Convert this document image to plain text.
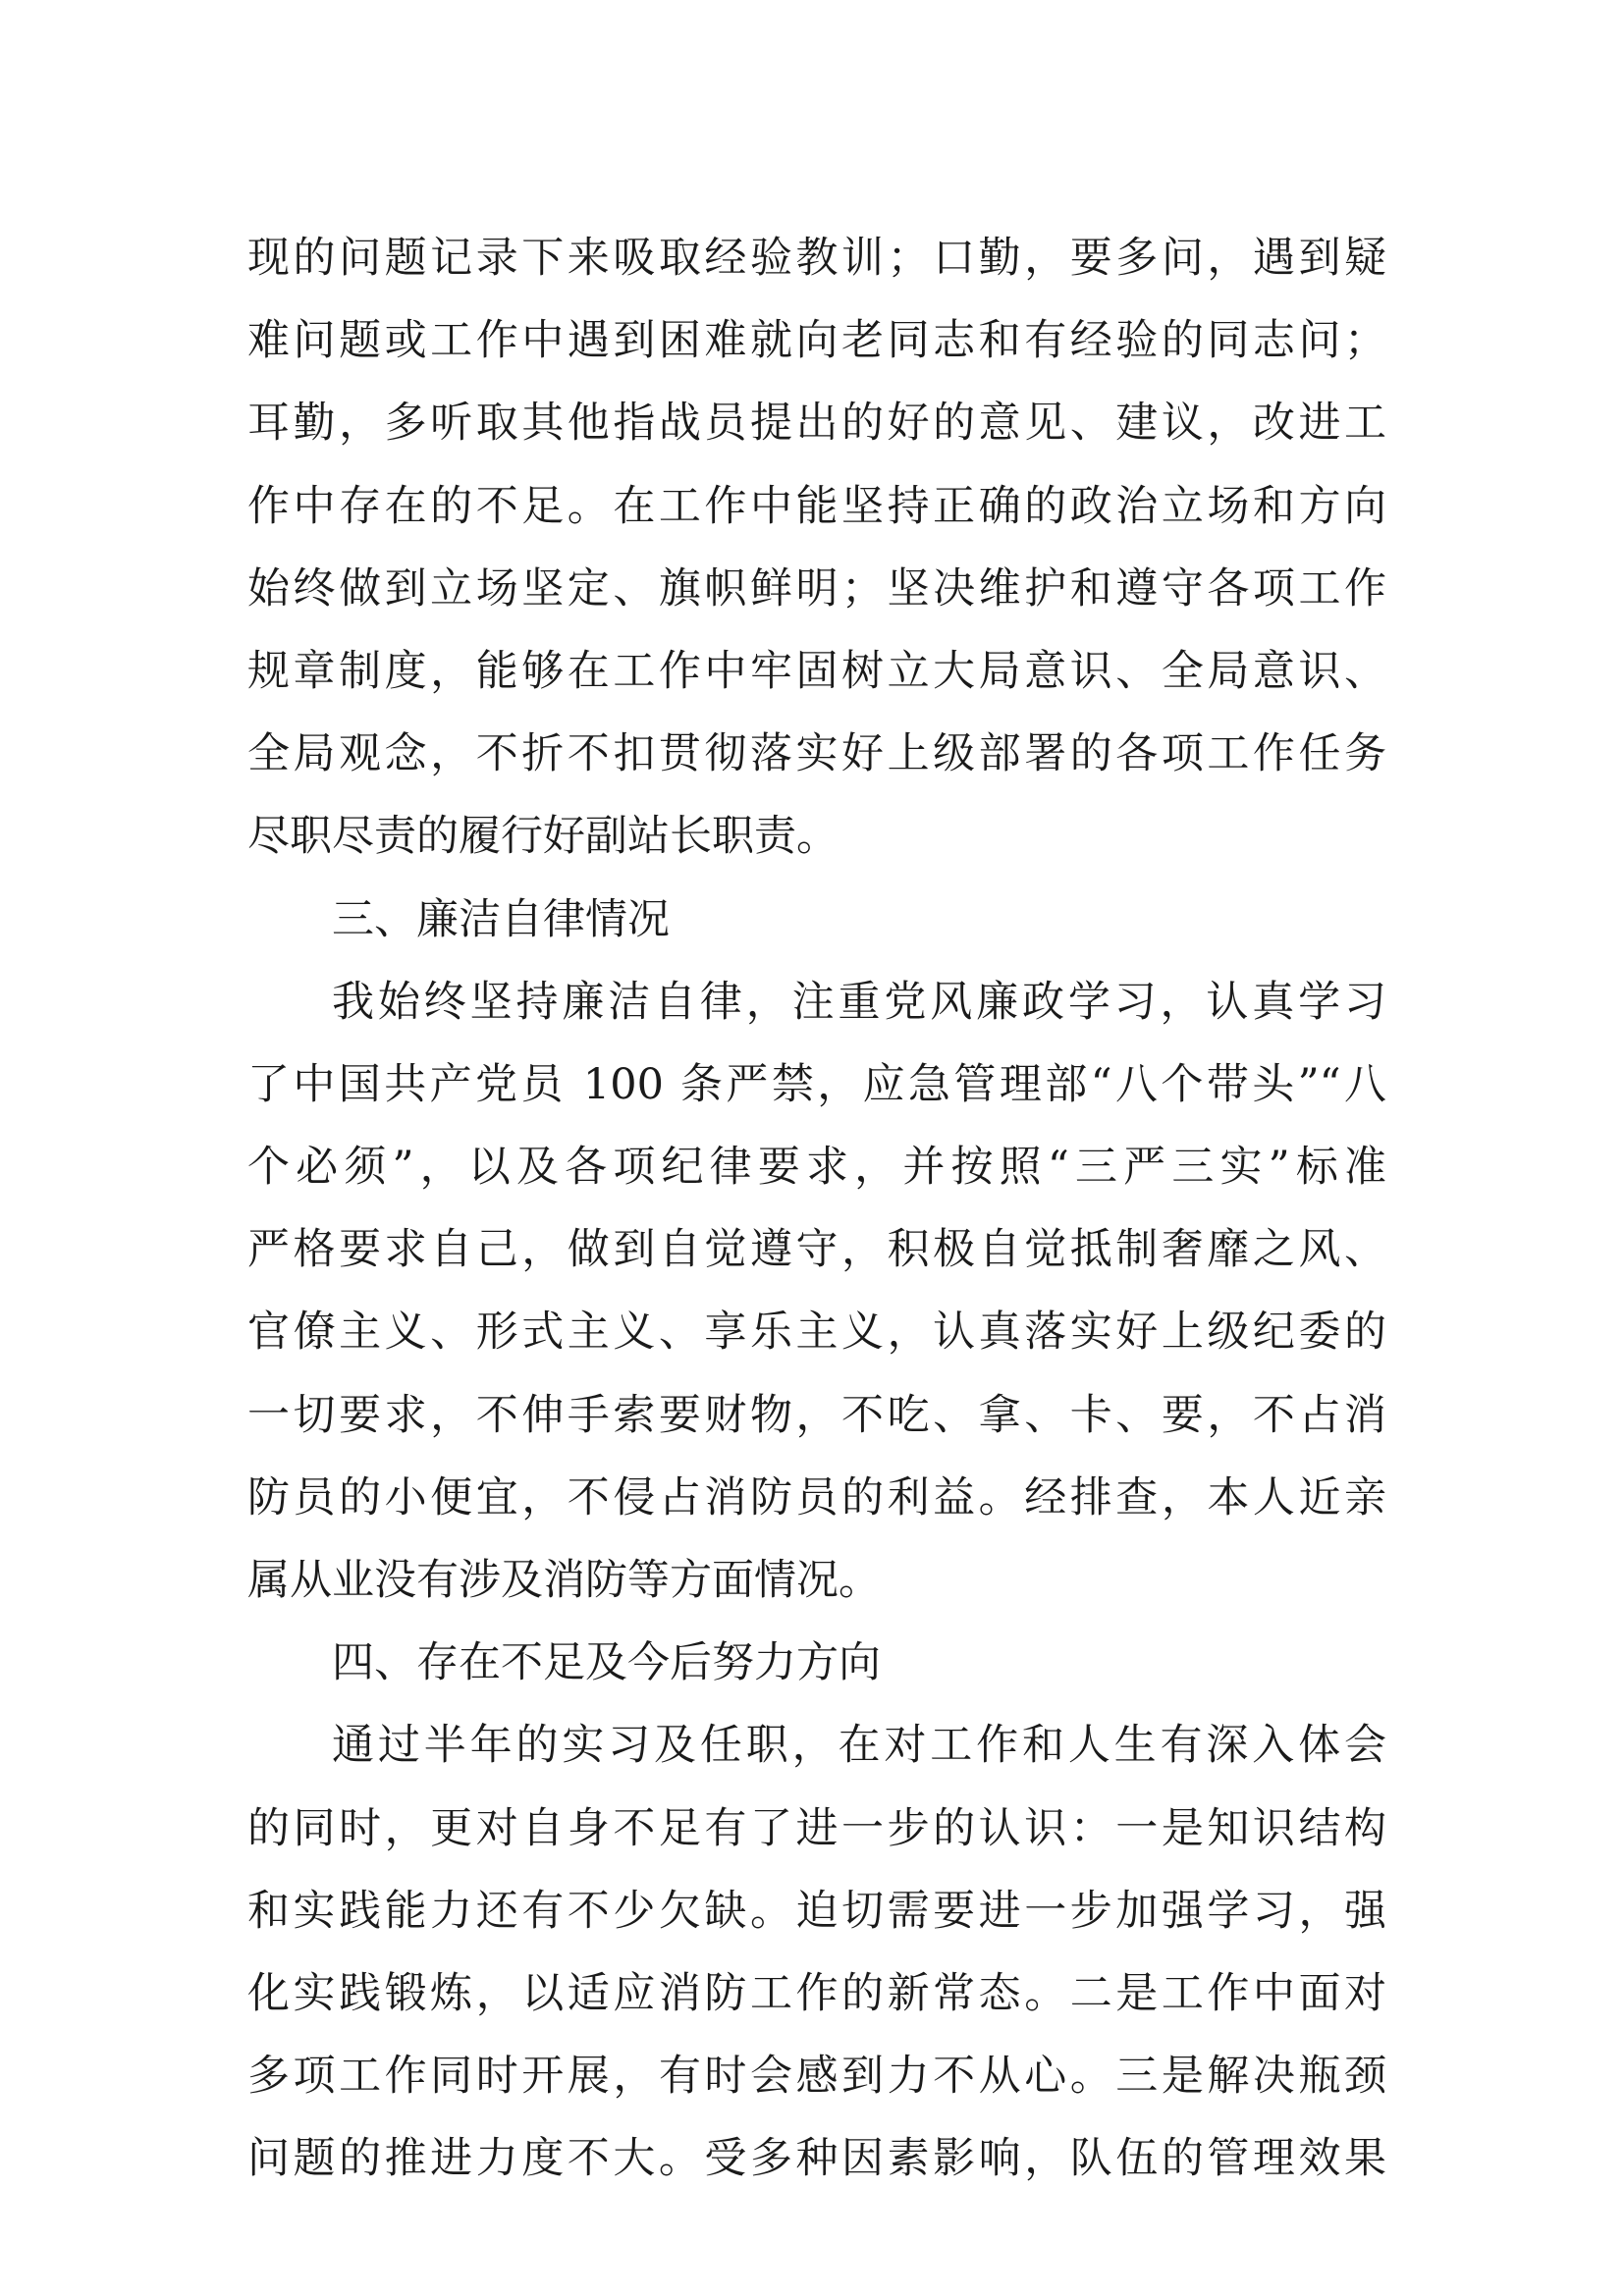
现的问题记录下来吸取经验教训；口勤，要多问，遇到疑
难问题或工作中遇到困难就向老同志和有经验的同志问；
耳勤，多听取其他指战员提出的好的意见、建议，改进工
作中存在的不足。在工作中能坚持正确的政治立场和方向
始终做到立场坚定、旗帜鲜明；坚决维护和遵守各项工作
规章制度，能够在工作中牢固树立大局意识、全局意识、
全局观念，不折不扣贯彻落实好上级部署的各项工作任务
尽职尽责的履行好副站长职责。
三、廉洁自律情况
我始终坚持廉洁自律，注重党风廉政学习，认真学习
了中国共产党员 100 条严禁，应急管理部“八个带头”“八
个必须”，以及各项纪律要求，并按照“三严三实”标准
严格要求自己，做到自觉遵守，积极自觉抵制奢靡之风、
官僚主义、形式主义、享乐主义，认真落实好上级纪委的
一切要求，不伸手索要财物，不吃、拿、卡、要，不占消
防员的小便宜，不侵占消防员的利益。经排查，本人近亲
属从业没有涉及消防等方面情况。
四、存在不足及今后努力方向
通过半年的实习及任职，在对工作和人生有深入体会
的同时，更对自身不足有了进一步的认识：一是知识结构
和实践能力还有不少欠缺。迫切需要进一步加强学习，强
化实践锻炼，以适应消防工作的新常态。二是工作中面对
多项工作同时开展，有时会感到力不从心。三是解决瓶颈
问题的推进力度不大。受多种因素影响，队伍的管理效果
